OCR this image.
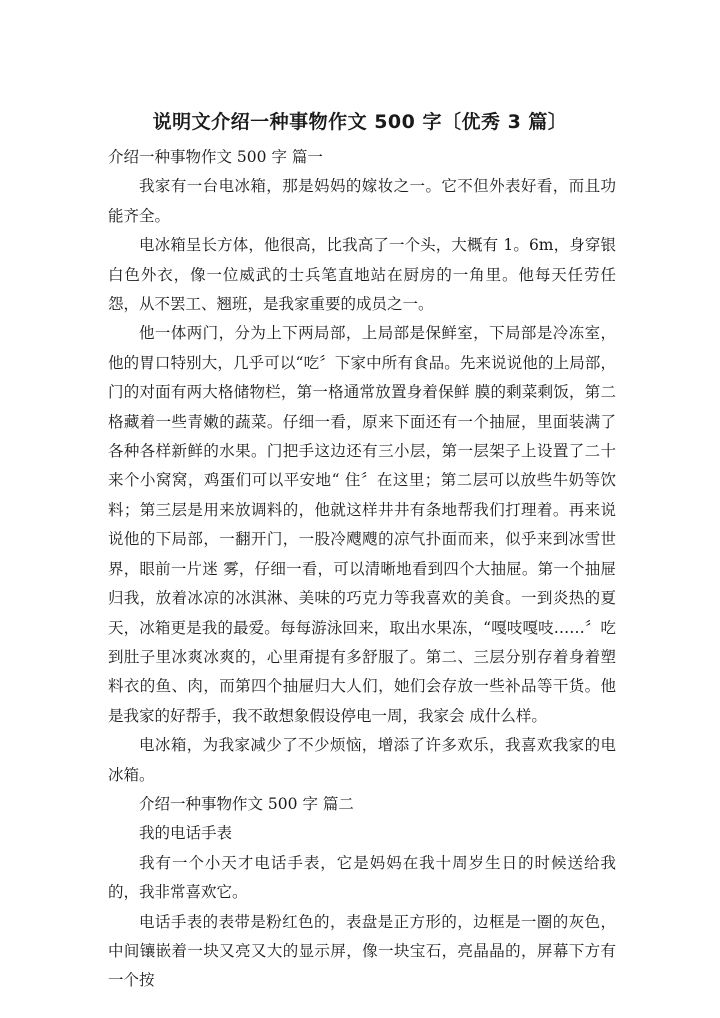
说明文介绍一种事物作文 500 字〔优秀 3 篇〕

介绍一种事物作文 500 字 篇一

我家有一台电冰箱，那是妈妈的嫁妆之一。它不但外表好看，而且功能齐全。

电冰箱呈长方体，他很高，比我高了一个头，大概有 1。6m，身穿银白色外衣，像一位威武的士兵笔直地站在厨房的一角里。他每天任劳任怨，从不罢工、翘班，是我家重要的成员之一。

他一体两门，分为上下两局部，上局部是保鲜室，下局部是冷冻室，他的胃口特别大，几乎可以“吃〞下家中所有食品。先来说说他的上局部，门的对面有两大格储物栏，第一格通常放置身着保鲜 膜的剩菜剩饭，第二格藏着一些青嫩的蔬菜。仔细一看，原来下面还有一个抽屉，里面装满了各种各样新鲜的水果。门把手这边还有三小层，第一层架子上设置了二十来个小窝窝，鸡蛋们可以平安地“ 住〞在这里；第二层可以放些牛奶等饮料；第三层是用来放调料的，他就这样井井有条地帮我们打理着。再来说说他的下局部，一翻开门，一股冷飕飕的凉气扑面而来，似乎来到冰雪世界，眼前一片迷 雾，仔细一看，可以清晰地看到四个大抽屉。第一个抽屉归我，放着冰凉的冰淇淋、美味的巧克力等我喜欢的美食。一到炎热的夏天，冰箱更是我的最爱。每每游泳回来，取出水果冻，“嘎吱嘎吱……〞吃到肚子里冰爽冰爽的，心里甭提有多舒服了。第二、三层分别存着身着塑料衣的鱼、肉，而第四个抽屉归大人们，她们会存放一些补品等干货。他是我家的好帮手，我不敢想象假设停电一周，我家会 成什么样。

电冰箱，为我家减少了不少烦恼，增添了许多欢乐，我喜欢我家的电冰箱。

介绍一种事物作文 500 字 篇二

我的电话手表

我有一个小天才电话手表，它是妈妈在我十周岁生日的时候送给我的，我非常喜欢它。

电话手表的表带是粉红色的，表盘是正方形的，边框是一圈的灰色，中间镶嵌着一块又亮又大的显示屏，像一块宝石，亮晶晶的，屏幕下方有一个按
